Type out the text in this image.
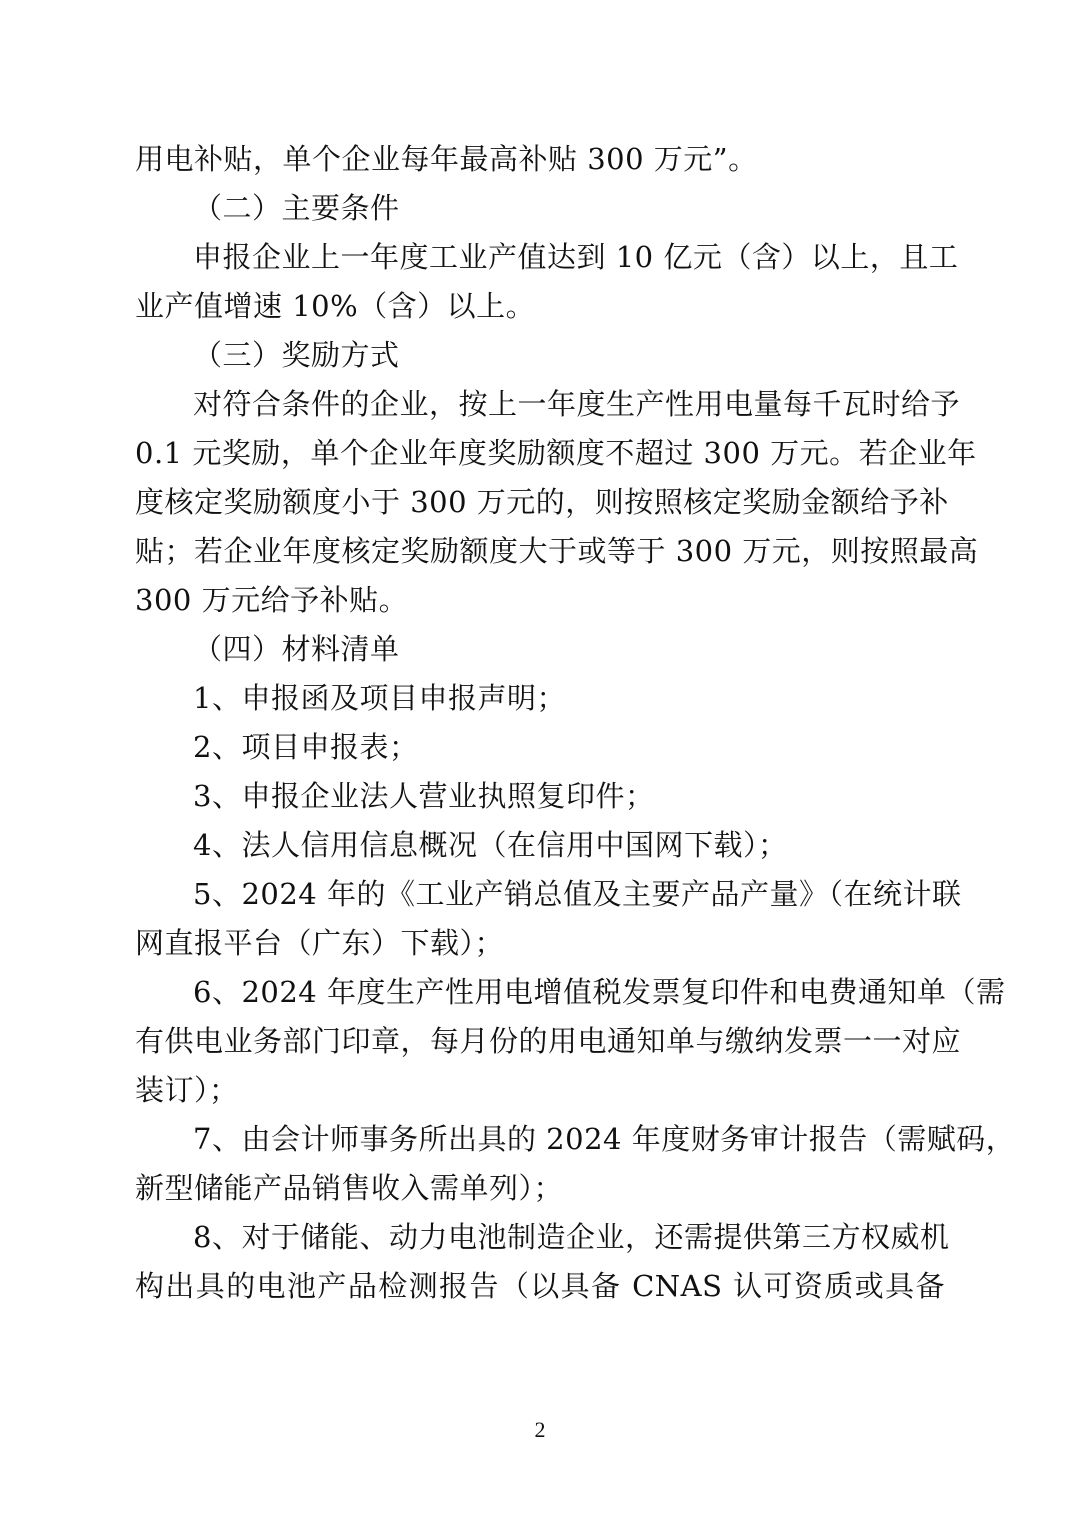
用电补贴，单个企业每年最高补贴 300 万元”。
（二）主要条件
申报企业上一年度工业产值达到 10 亿元（含）以上，且工
业产值增速 10%（含）以上。
（三）奖励方式
对符合条件的企业，按上一年度生产性用电量每千瓦时给予
0.1 元奖励，单个企业年度奖励额度不超过 300 万元。若企业年
度核定奖励额度小于 300 万元的，则按照核定奖励金额给予补
贴；若企业年度核定奖励额度大于或等于 300 万元，则按照最高
300 万元给予补贴。
（四）材料清单
1、申报函及项目申报声明；
2、项目申报表；
3、申报企业法人营业执照复印件；
4、法人信用信息概况（在信用中国网下载）；
5、2024 年的《工业产销总值及主要产品产量》（在统计联
网直报平台（广东）下载）；
6、2024 年度生产性用电增值税发票复印件和电费通知单（需
有供电业务部门印章，每月份的用电通知单与缴纳发票一一对应
装订）；
7、由会计师事务所出具的 2024 年度财务审计报告（需赋码，
新型储能产品销售收入需单列）；
8、对于储能、动力电池制造企业，还需提供第三方权威机
构出具的电池产品检测报告（以具备 CNAS 认可资质或具备
2
